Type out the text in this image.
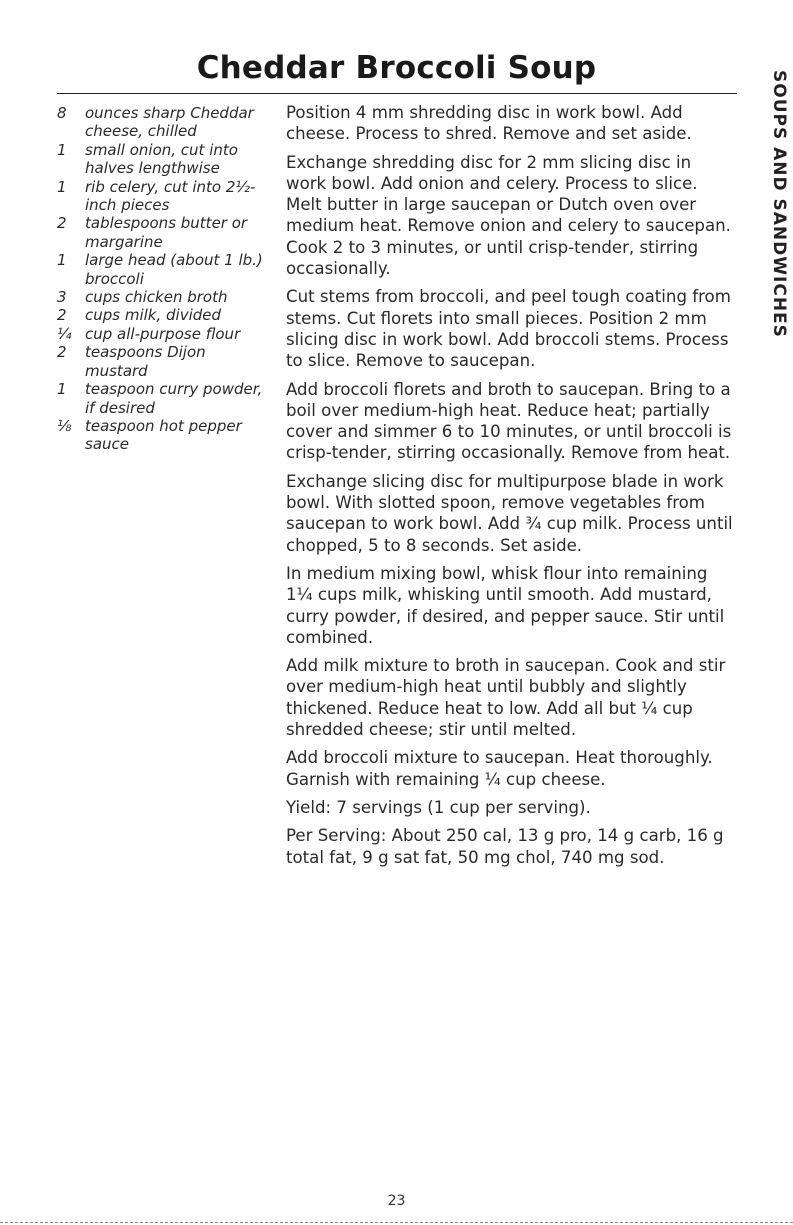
Cheddar Broccoli Soup
SOUPS AND SANDWICHES
8	ounces sharp Cheddar cheese, chilled
1	small onion, cut into halves lengthwise
1	rib celery, cut into 2½-inch pieces
2	tablespoons butter or margarine
1	large head (about 1 lb.) broccoli
3	cups chicken broth
2	cups milk, divided
¼ cup all-purpose flour
2	teaspoons Dijon mustard
1	teaspoon curry powder, if desired
⅛ teaspoon hot pepper sauce

Position 4 mm shredding disc in work bowl. Add cheese. Process to shred. Remove and set aside.

Exchange shredding disc for 2 mm slicing disc in work bowl. Add onion and celery. Process to slice. Melt butter in large saucepan or Dutch oven over medium heat. Remove onion and celery to saucepan. Cook 2 to 3 minutes, or until crisp-tender, stirring occasionally.

Cut stems from broccoli, and peel tough coating from stems. Cut florets into small pieces. Position 2 mm slicing disc in work bowl. Add broccoli stems. Process to slice. Remove to saucepan.

Add broccoli florets and broth to saucepan. Bring to a boil over medium-high heat. Reduce heat; partially cover and simmer 6 to 10 minutes, or until broccoli is crisp-tender, stirring occasionally. Remove from heat.

Exchange slicing disc for multipurpose blade in work bowl. With slotted spoon, remove vegetables from saucepan to work bowl. Add ¾ cup milk. Process until chopped, 5 to 8 seconds. Set aside.

In medium mixing bowl, whisk flour into remaining 1¼ cups milk, whisking until smooth. Add mustard, curry powder, if desired, and pepper sauce. Stir until combined.

Add milk mixture to broth in saucepan. Cook and stir over medium-high heat until bubbly and slightly thickened. Reduce heat to low. Add all but ¼ cup shredded cheese; stir until melted.

Add broccoli mixture to saucepan. Heat thoroughly. Garnish with remaining ¼ cup cheese.

Yield: 7 servings (1 cup per serving).

Per Serving: About 250 cal, 13 g pro, 14 g carb, 16 g total fat, 9 g sat fat, 50 mg chol, 740 mg sod.

23
